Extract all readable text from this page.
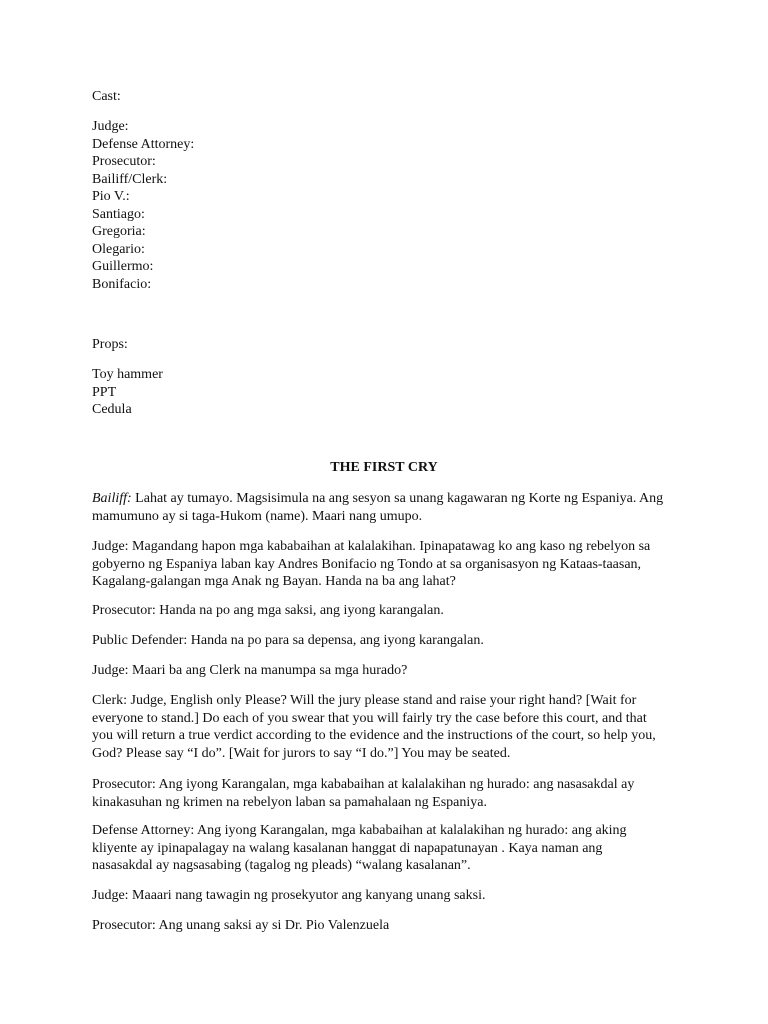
Cast:
Judge:
Defense Attorney:
Prosecutor:
Bailiff/Clerk:
Pio V.:
Santiago:
Gregoria:
Olegario:
Guillermo:
Bonifacio:
Props:
Toy hammer
PPT
Cedula
THE FIRST CRY
Bailiff: Lahat ay tumayo. Magsisimula na ang sesyon sa unang kagawaran ng Korte ng Espaniya. Ang
mamumuno ay si taga-Hukom (name). Maari nang umupo.
Judge: Magandang hapon mga kababaihan at kalalakihan. Ipinapatawag ko ang kaso ng rebelyon sa
gobyerno ng Espaniya laban kay Andres Bonifacio ng Tondo at sa organisasyon ng Kataas-taasan,
Kagalang-galangan mga Anak ng Bayan. Handa na ba ang lahat?
Prosecutor: Handa na po ang mga saksi, ang iyong karangalan.
Public Defender: Handa na po para sa depensa, ang iyong karangalan.
Judge: Maari ba ang Clerk na manumpa sa mga hurado?
Clerk: Judge, English only Please? Will the jury please stand and raise your right hand? [Wait for
everyone to stand.] Do each of you swear that you will fairly try the case before this court, and that
you will return a true verdict according to the evidence and the instructions of the court, so help you,
God? Please say “I do”. [Wait for jurors to say “I do.”] You may be seated.
Prosecutor: Ang iyong Karangalan, mga kababaihan at kalalakihan ng hurado: ang nasasakdal ay
kinakasuhan ng krimen na rebelyon laban sa pamahalaan ng Espaniya.
Defense Attorney: Ang iyong Karangalan, mga kababaihan at kalalakihan ng hurado: ang aking
kliyente ay ipinapalagay na walang kasalanan hanggat di napapatunayan . Kaya naman ang
nasasakdal ay nagsasabing (tagalog ng pleads) “walang kasalanan”.
Judge: Maaari nang tawagin ng prosekyutor ang kanyang unang saksi.
Prosecutor: Ang unang saksi ay si Dr. Pio Valenzuela
